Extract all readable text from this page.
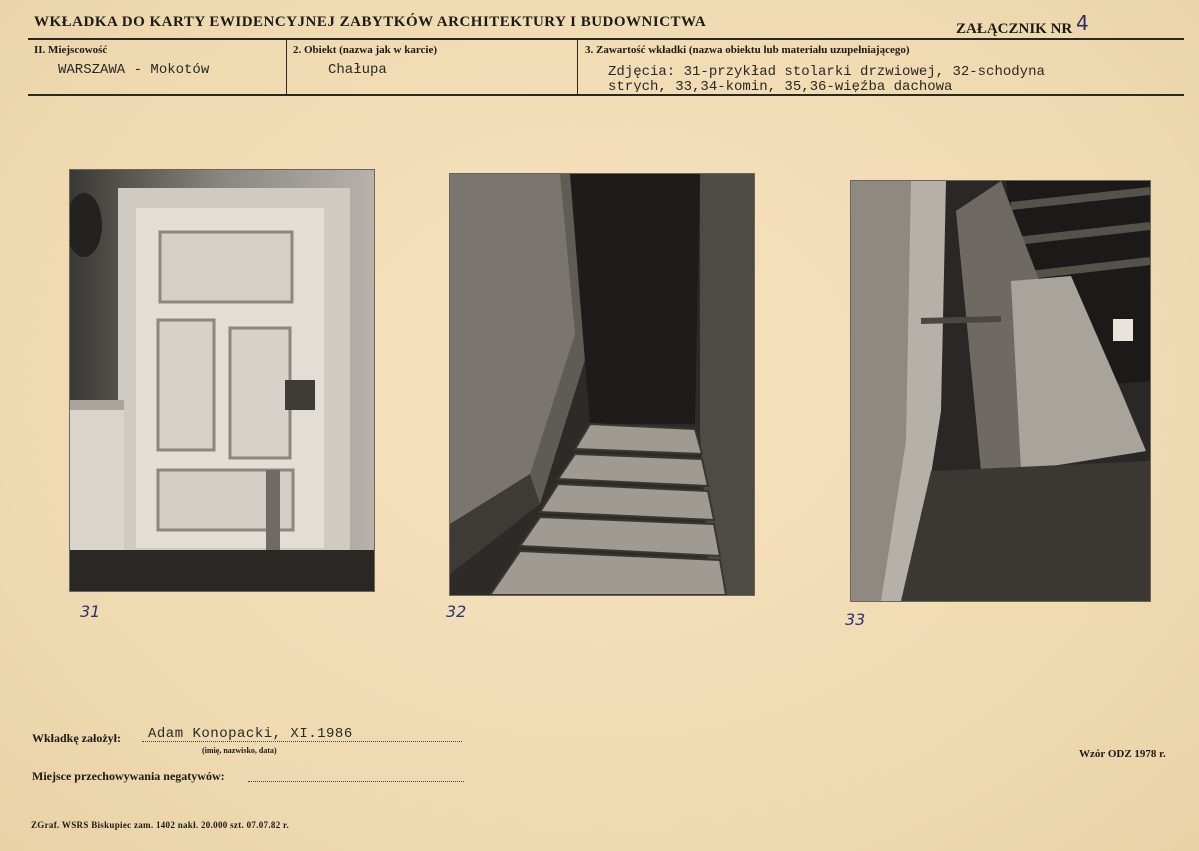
WKŁADKA DO KARTY EWIDENCYJNEJ ZABYTKÓW ARCHITEKTURY I BUDOWNICTWA	ZAŁĄCZNIK NR 4
II. Miejscowość
WARSZAWA - Mokotów
2. Obiekt (nazwa jak w karcie)
Chałupa
3. Zawartość wkładki (nazwa obiektu lub materiału uzupełniającego)
Zdjęcia: 31-przykład stolarki drzwiowej, 32-schodyna
strych, 33,34-komin, 35,36-więźba dachowa
31	32	33
Wkładkę założył: Adam Konopacki, XI.1986
(imię, nazwisko, data)
Miejsce przechowywania negatywów:
Wzór ODZ 1978 r.
ZGraf. WSRS Biskupiec zam. 1402 nakł. 20.000 szt. 07.07.82 r.
